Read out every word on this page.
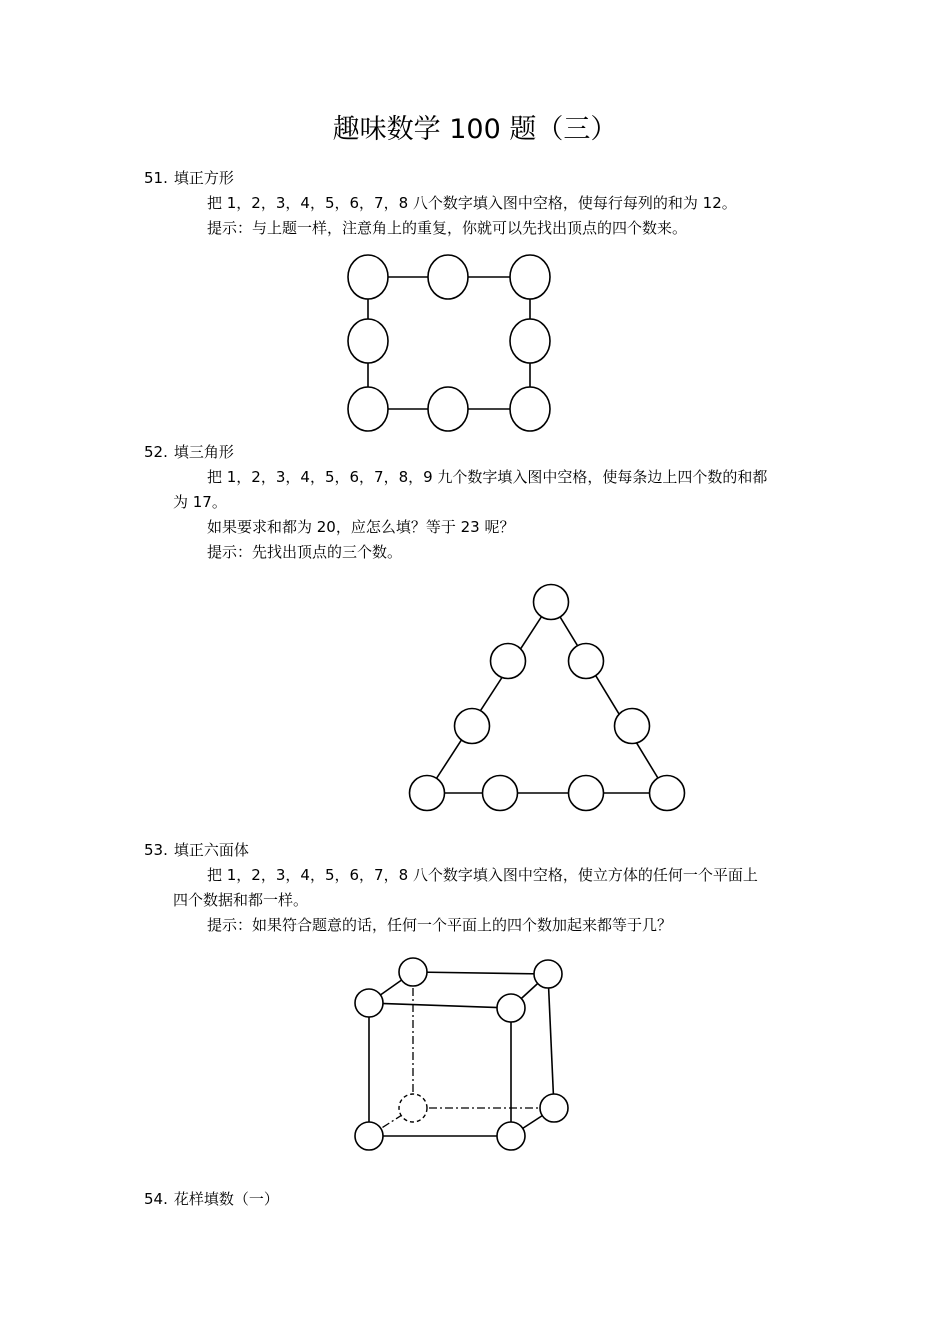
趣味数学 100 题（三）
51. 填正方形
把 1，2，3，4，5，6，7，8 八个数字填入图中空格，使每行每列的和为 12。
提示：与上题一样，注意角上的重复，你就可以先找出顶点的四个数来。
52. 填三角形
把 1，2，3，4，5，6，7，8，9 九个数字填入图中空格，使每条边上四个数的和都
为 17。
如果要求和都为 20，应怎么填？等于 23 呢？
提示：先找出顶点的三个数。
53. 填正六面体
把 1，2，3，4，5，6，7，8 八个数字填入图中空格，使立方体的任何一个平面上
四个数据和都一样。
提示：如果符合题意的话，任何一个平面上的四个数加起来都等于几？
54. 花样填数（一）
